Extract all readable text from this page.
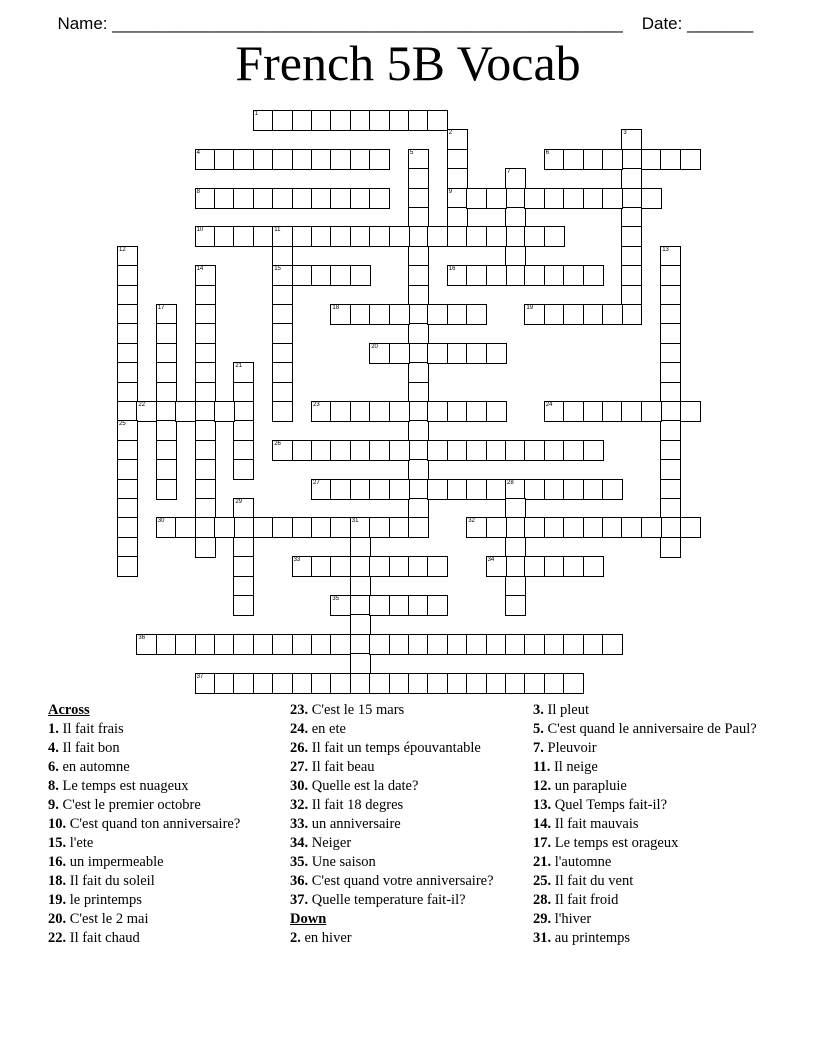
Name: ______________________________________________________ Date: _______

French 5B Vocab
1
2
9
3
4	5	6
7
8
10	11
15
12	13
14	16
17	18	19
20
21
22	23	24
25
26
27	28
29
30	31	32
33	34
35
36
37
Across
1. Il fait frais
4. Il fait bon
6. en automne
8. Le temps est nuageux
9. C'est le premier octobre
10. C'est quand ton anniversaire?
15. l'ete
16. un impermeable
18. Il fait du soleil
19. le printemps
20. C'est le 2 mai
22. Il fait chaud
23. C'est le 15 mars
24. en ete
26. Il fait un temps épouvantable
27. Il fait beau
30. Quelle est la date?
32. Il fait 18 degres
33. un anniversaire
34. Neiger
35. Une saison
36. C'est quand votre anniversaire?
37. Quelle temperature fait-il?
Down
2. en hiver
3. Il pleut
5. C'est quand le anniversaire de Paul?
7. Pleuvoir
11. Il neige
12. un parapluie
13. Quel Temps fait-il?
14. Il fait mauvais
17. Le temps est orageux
21. l'automne
25. Il fait du vent
28. Il fait froid
29. l'hiver
31. au printemps
